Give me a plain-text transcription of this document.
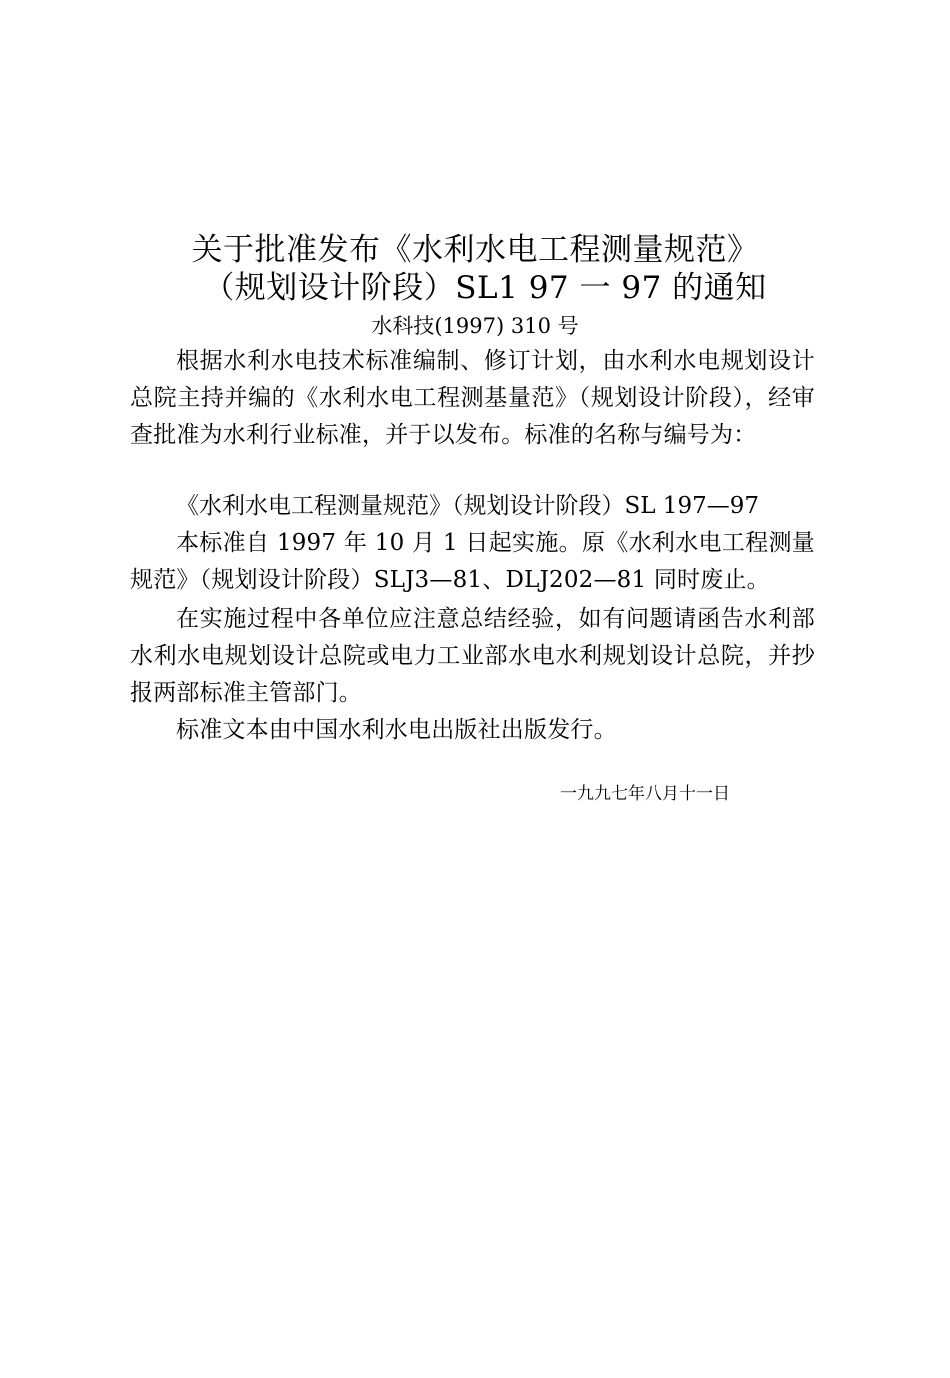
关于批准发布《水利水电工程测量规范》
（规划设计阶段）SL1 97 一 97 的通知
水科技(1997) 310 号
根据水利水电技术标准编制、修订计划，由水利水电规划设计总院主持并编的《水利水电工程测基量范》（规划设计阶段），经审查批准为水利行业标准，并于以发布。标准的名称与编号为：
《水利水电工程测量规范》（规划设计阶段）SL 197—97
本标准自 1997 年 10 月 1 日起实施。原《水利水电工程测量规范》（规划设计阶段）SLJ3—81、DLJ202—81 同时废止。
在实施过程中各单位应注意总结经验，如有问题请函告水利部水利水电规划设计总院或电力工业部水电水利规划设计总院，并抄报两部标准主管部门。
标准文本由中国水利水电出版社出版发行。
一九九七年八月十一日
